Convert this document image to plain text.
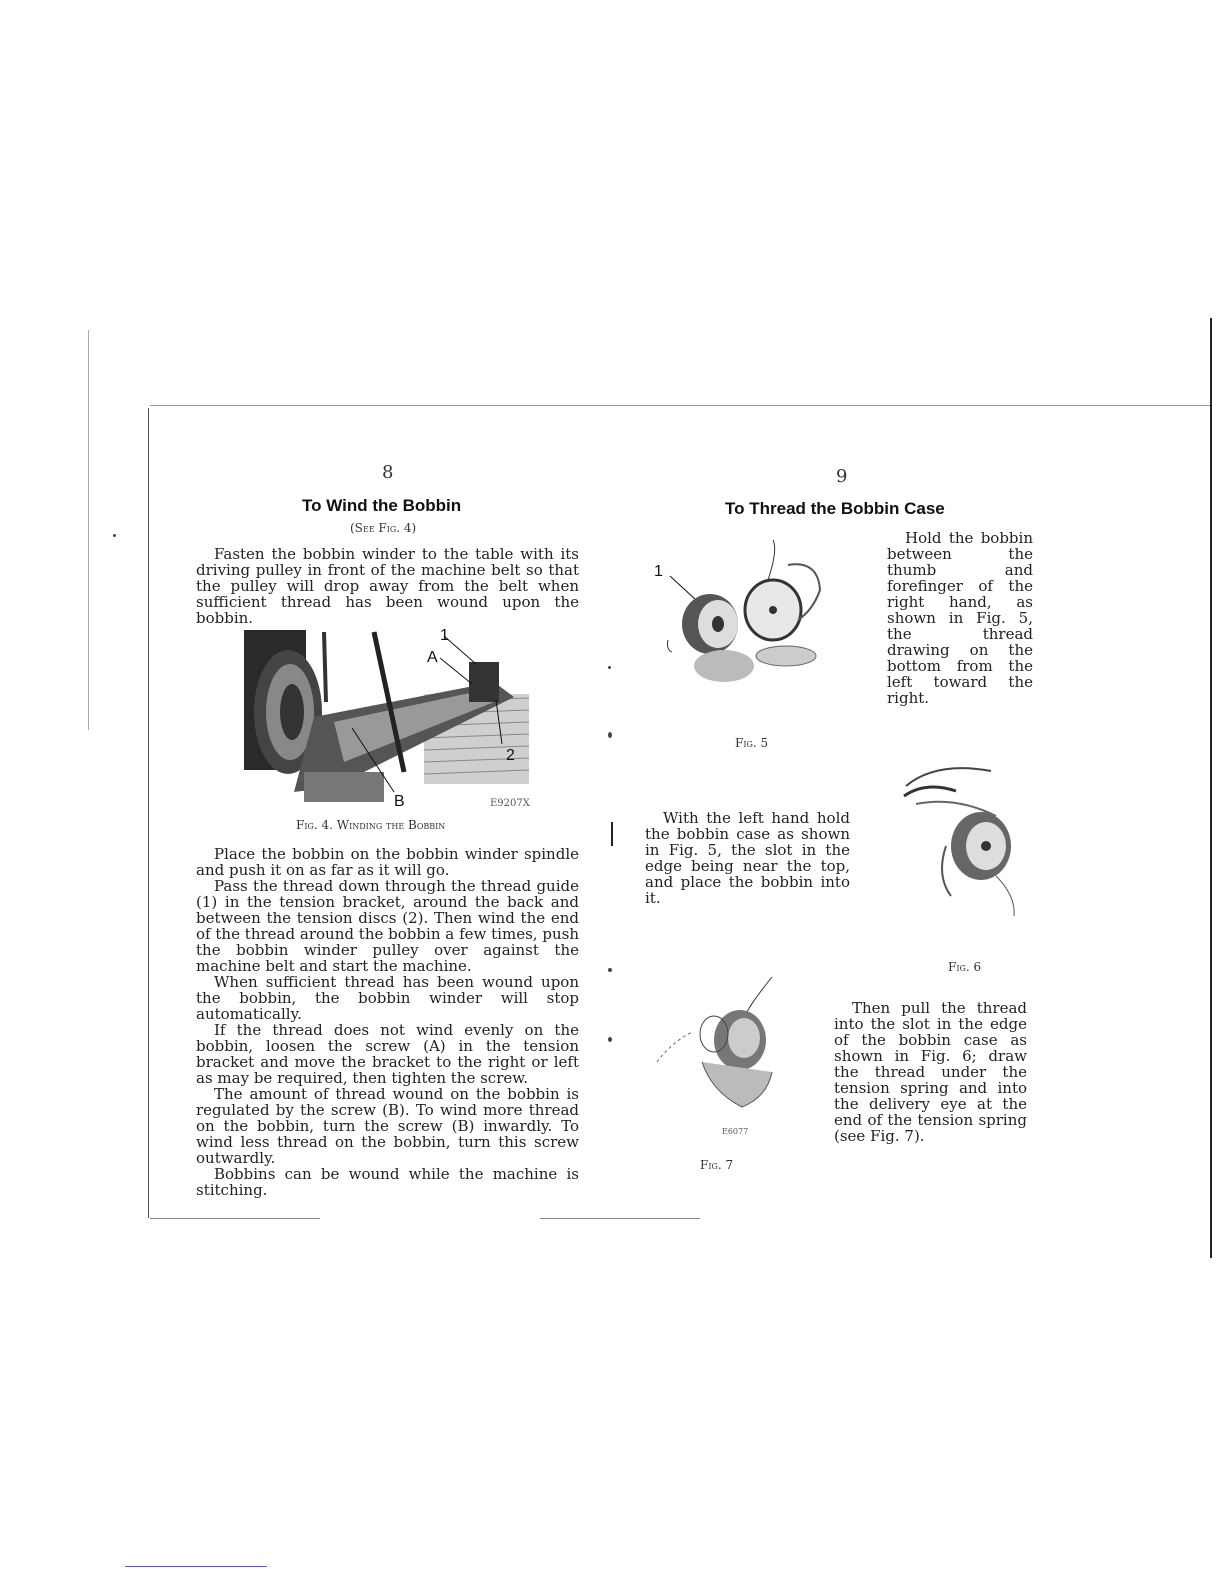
8
To Wind the Bobbin
(See Fig. 4)

Fasten the bobbin winder to the table with its driving pulley in front of the machine belt so that the pulley will drop away from the belt when sufficient thread has been wound upon the bobbin.

1
A
2
B	E9207X
Fig. 4. Winding the Bobbin

Place the bobbin on the bobbin winder spindle and push it on as far as it will go.

Pass the thread down through the thread guide (1) in the tension bracket, around the back and between the tension discs (2). Then wind the end of the thread around the bobbin a few times, push the bobbin winder pulley over against the machine belt and start the machine.

When sufficient thread has been wound upon the bobbin, the bobbin winder will stop automatically.

If the thread does not wind evenly on the bobbin, loosen the screw (A) in the tension bracket and move the bracket to the right or left as may be required, then tighten the screw.

The amount of thread wound on the bobbin is regulated by the screw (B). To wind more thread on the bobbin, turn the screw (B) inwardly. To wind less thread on the bobbin, turn this screw outwardly.

Bobbins can be wound while the machine is stitching.

9
To Thread the Bobbin Case

Hold the bobbin between the thumb and forefinger of the right hand, as shown in Fig. 5, the thread drawing on the bottom from the left toward the right.

1
Fig. 5
Fig. 6

With the left hand hold the bobbin case as shown in Fig. 5, the slot in the edge being near the top, and place the bobbin into it.

E6077
Fig. 7

Then pull the thread into the slot in the edge of the bobbin case as shown in Fig. 6; draw the thread under the tension spring and into the delivery eye at the end of the tension spring (see Fig. 7).
